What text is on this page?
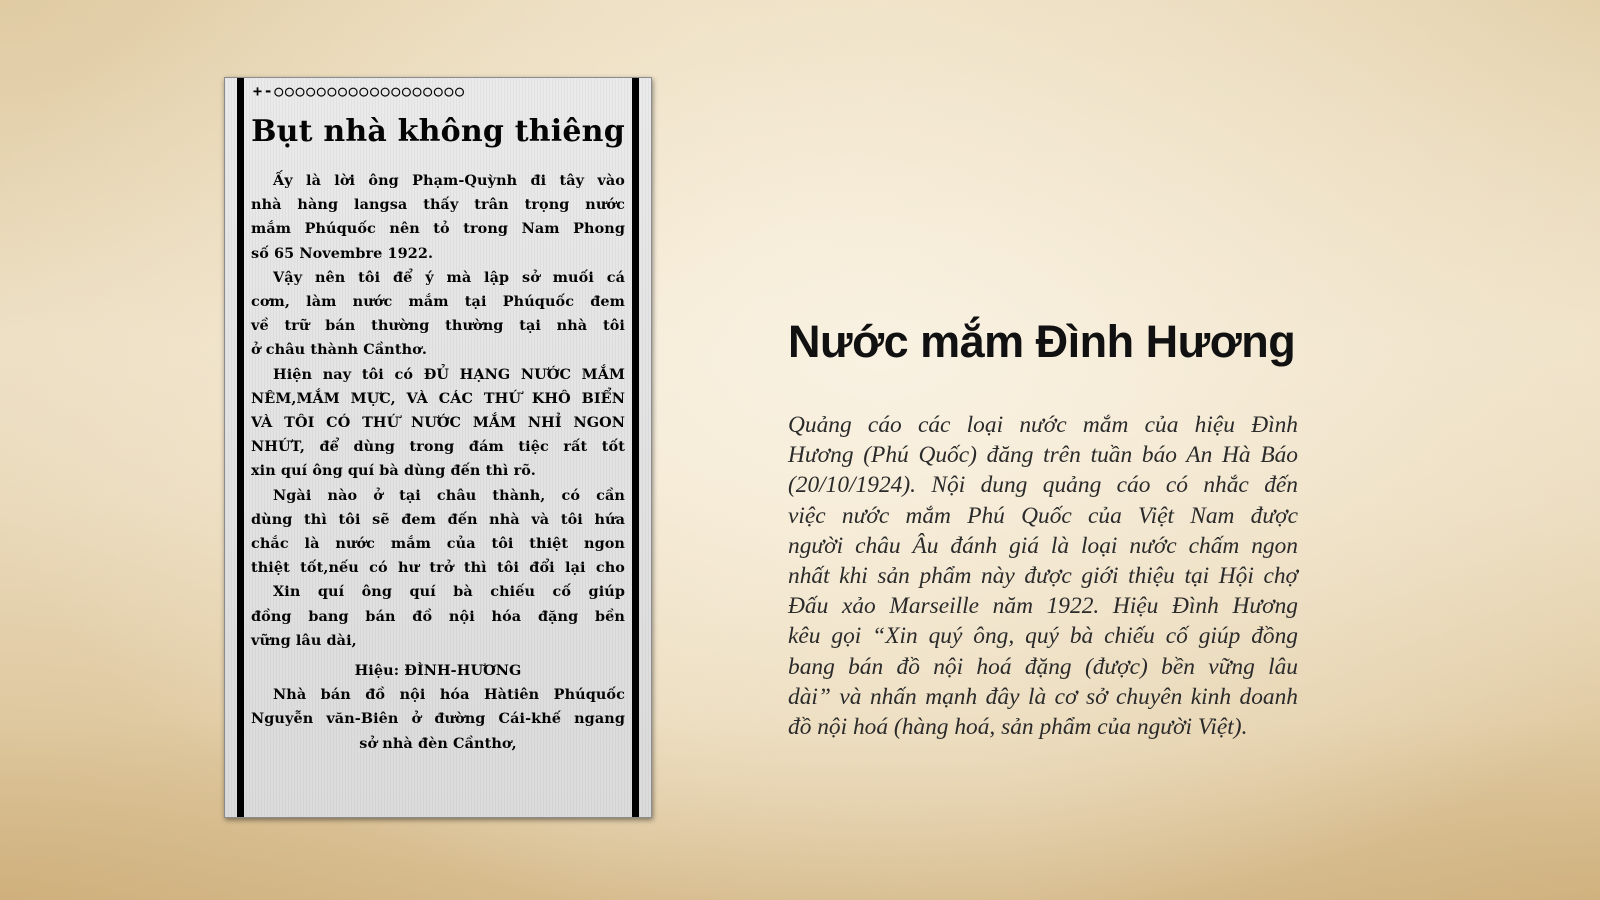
+-○○○○○○○○○○○○○○○○○○
Bụt nhà không thiêng
Ấy là lời ông Phạm-Quỳnh đi tây vào
nhà hàng langsa thấy trân trọng nước
mắm Phúquốc nên tỏ trong Nam Phong
số 65 Novembre 1922.
Vậy nên tôi để ý mà lập sở muối cá
cơm, làm nước mắm tại Phúquốc đem
về trữ bán thường thường tại nhà tôi
ở châu thành Cầnthơ.
Hiện nay tôi có ĐỦ HẠNG NƯỚC MẮM
NÊM,MẮM MỰC, VÀ CÁC THỨ KHÔ BIỂN
VÀ TÔI CÓ THỨ NƯỚC MẮM NHỈ NGON
NHỨT, để dùng trong đám tiệc rất tốt
xin quí ông quí bà dùng đến thì rõ.
Ngài nào ở tại châu thành, có cần
dùng thì tôi sẽ đem đến nhà và tôi hứa
chắc là nước mắm của tôi thiệt ngon
thiệt tốt,nếu có hư trở thì tôi đổi lại cho
Xin quí ông quí bà chiếu cố giúp
đồng bang bán đồ nội hóa đặng bền
vững lâu dài,
Hiệu: ĐÌNH-HƯƠNG
Nhà bán đồ nội hóa Hàtiên Phúquốc
Nguyễn văn-Biên ở đường Cái-khế ngang
sở nhà đèn Cầnthơ,
Nước mắm Đình Hương

Quảng cáo các loại nước mắm của hiệu Đình
Hương (Phú Quốc) đăng trên tuần báo An Hà Báo
(20/10/1924). Nội dung quảng cáo có nhắc đến
việc nước mắm Phú Quốc của Việt Nam được
người châu Âu đánh giá là loại nước chấm ngon
nhất khi sản phẩm này được giới thiệu tại Hội chợ
Đấu xảo Marseille năm 1922. Hiệu Đình Hương
kêu gọi “Xin quý ông, quý bà chiếu cố giúp đồng
bang bán đồ nội hoá đặng (được) bền vững lâu
dài” và nhấn mạnh đây là cơ sở chuyên kinh doanh
đồ nội hoá (hàng hoá, sản phẩm của người Việt).
